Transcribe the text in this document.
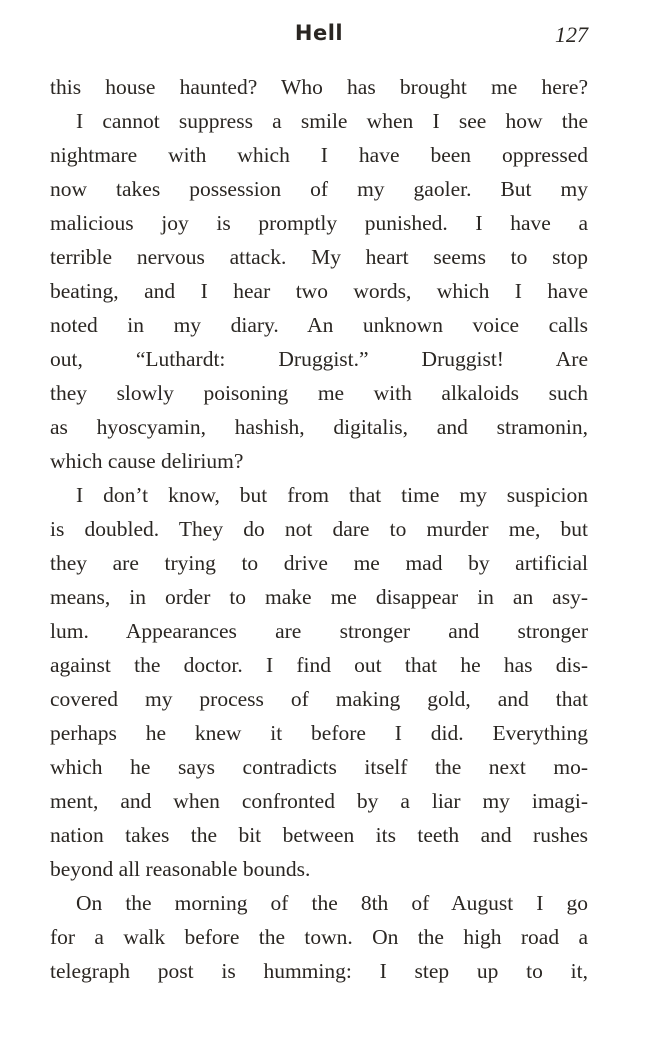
Hell	127
this house haunted? Who has brought me here?
I cannot suppress a smile when I see how the
nightmare with which I have been oppressed
now takes possession of my gaoler. But my
malicious joy is promptly punished. I have a
terrible nervous attack. My heart seems to stop
beating, and I hear two words, which I have
noted in my diary. An unknown voice calls
out, “Luthardt: Druggist.” Druggist! Are
they slowly poisoning me with alkaloids such
as hyoscyamin, hashish, digitalis, and stramonin,
which cause delirium?
I don’t know, but from that time my suspicion
is doubled. They do not dare to murder me, but
they are trying to drive me mad by artificial
means, in order to make me disappear in an asy-
lum. Appearances are stronger and stronger
against the doctor. I find out that he has dis-
covered my process of making gold, and that
perhaps he knew it before I did. Everything
which he says contradicts itself the next mo-
ment, and when confronted by a liar my imagi-
nation takes the bit between its teeth and rushes
beyond all reasonable bounds.
On the morning of the 8th of August I go
for a walk before the town. On the high road a
telegraph post is humming: I step up to it,
